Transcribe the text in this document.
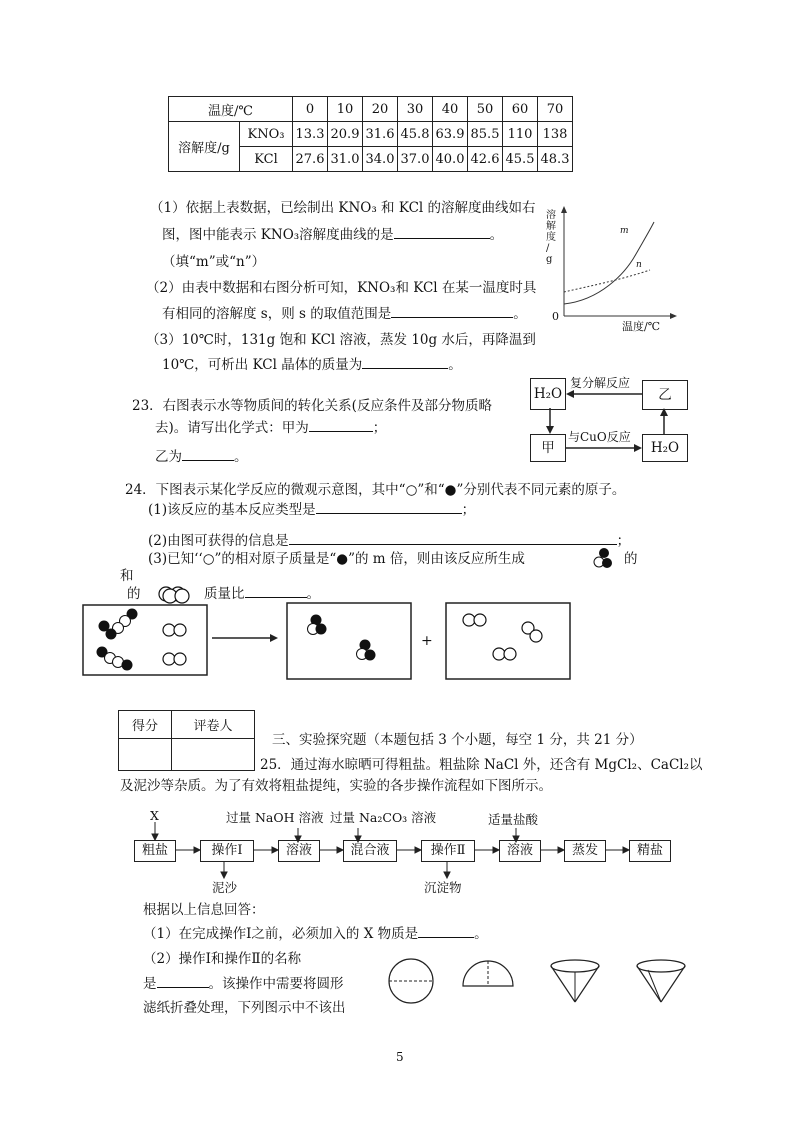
温度/℃		0	10	20	30	40	50	60	70
溶解度/g	KNO₃	13.3	20.9	31.6	45.8	63.9	85.5	110	138
	KCl	27.6	31.0	34.0	37.0	40.0	42.6	45.5	48.3
（1）依据上表数据，已绘制出 KNO₃ 和 KCl 的溶解度曲线如右
图，图中能表示 KNO₃溶解度曲线的是	。
（填“m”或“n”）
（2）由表中数据和右图分析可知，KNO₃和 KCl 在某一温度时具
有相同的溶解度 s，则 s 的取值范围是	。
（3）10℃时，131g 饱和 KCl 溶液，蒸发 10g 水后，再降温到
10℃，可析出 KCl 晶体的质量为	。
溶
解
度
/
g
0
温度/℃
m
n
23．右图表示水等物质间的转化关系(反应条件及部分物质略
去)。请写出化学式：甲为	；
乙为	。
H₂O	乙
甲	H₂O
复分解反应
与CuO反应
24．下图表示某化学反应的微观示意图，其中“○”和“●”分别代表不同元素的原子。
(1)该反应的基本反应类型是	；
(2)由图可获得的信息是	；
(3)已知‘‘○”的相对原子质量是“●”的 m 倍，则由该反应所生成	的
和
的	质量比	。
+
得分	评卷人

三、实验探究题（本题包括 3 个小题，每空 1 分，共 21 分）
25．通过海水晾晒可得粗盐。粗盐除 NaCl 外，还含有 MgCl₂、CaCl₂以
及泥沙等杂质。为了有效将粗盐提纯，实验的各步操作流程如下图所示。
粗盐	操作Ⅰ	溶液	混合液	操作Ⅱ	溶液	蒸发	精盐
X	过量 NaOH 溶液 过量 Na₂CO₃ 溶液	适量盐酸
泥沙	沉淀物
根据以上信息回答：
（1）在完成操作Ⅰ之前，必须加入的 X 物质是	。
（2）操作Ⅰ和操作Ⅱ的名称
是	。该操作中需要将圆形
滤纸折叠处理，下列图示中不该出
5
